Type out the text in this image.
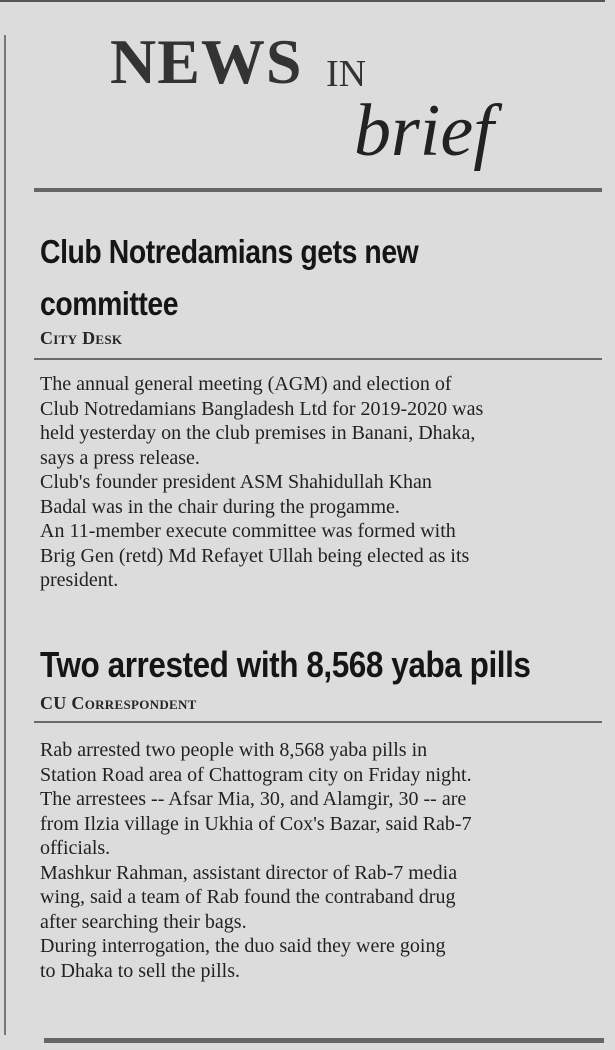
NEWS IN
brief
Club Notredamians gets new committee
City Desk
The annual general meeting (AGM) and election of
Club Notredamians Bangladesh Ltd for 2019-2020 was
held yesterday on the club premises in Banani, Dhaka,
says a press release.
Club's founder president ASM Shahidullah Khan
Badal was in the chair during the progamme.
An 11-member execute committee was formed with
Brig Gen (retd) Md Refayet Ullah being elected as its
president.
Two arrested with 8,568 yaba pills
CU Correspondent
Rab arrested two people with 8,568 yaba pills in
Station Road area of Chattogram city on Friday night.
The arrestees -- Afsar Mia, 30, and Alamgir, 30 -- are
from Ilzia village in Ukhia of Cox's Bazar, said Rab-7
officials.
Mashkur Rahman, assistant director of Rab-7 media
wing, said a team of Rab found the contraband drug
after searching their bags.
During interrogation, the duo said they were going
to Dhaka to sell the pills.
